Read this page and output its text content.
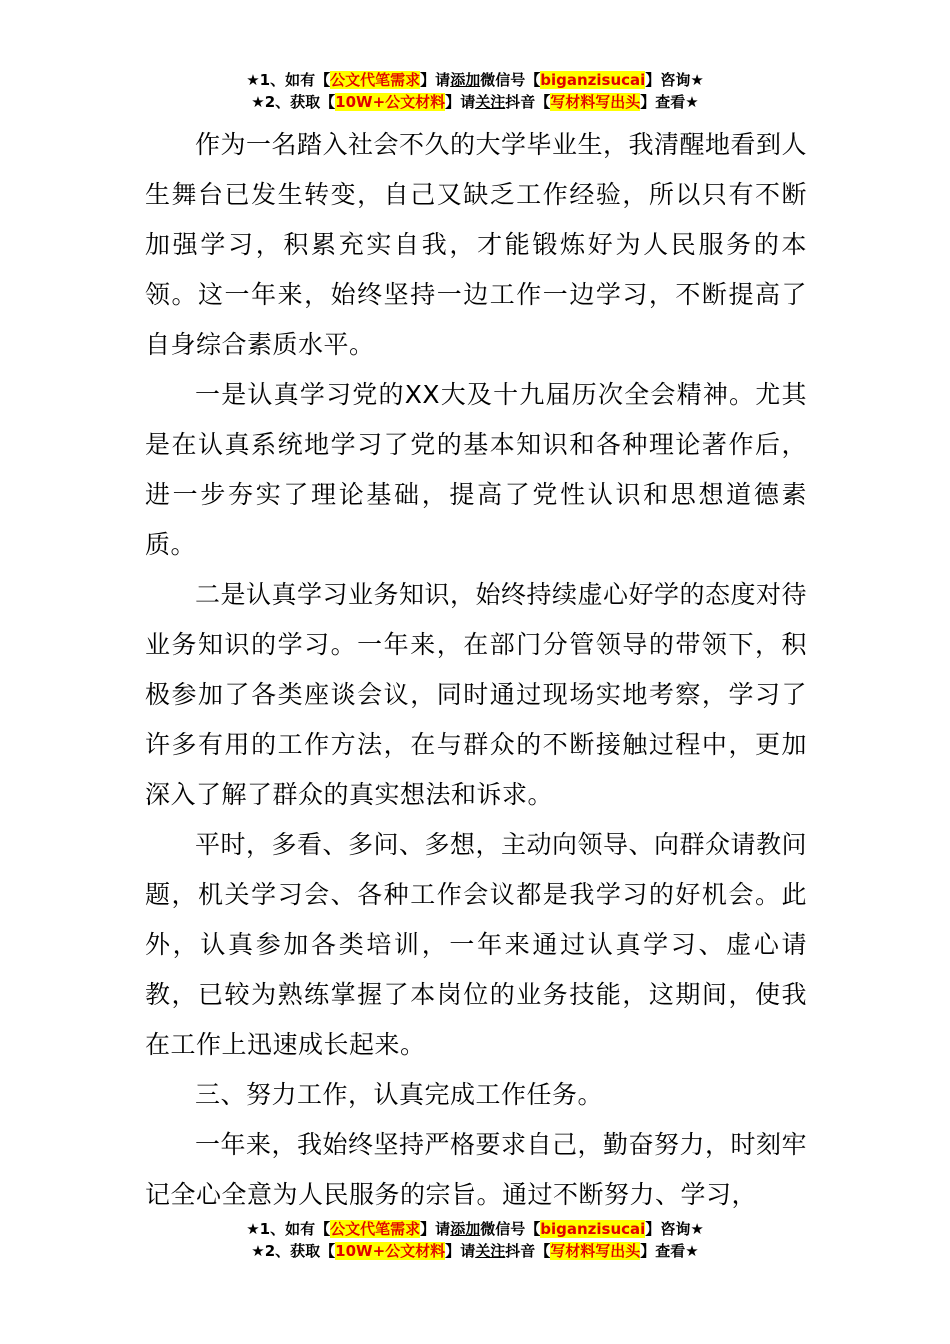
★1、如有【公文代笔需求】请添加微信号【biganzisucai】咨询★
★2、获取【10W+公文材料】请关注抖音【写材料写出头】查看★

作为一名踏入社会不久的大学毕业生，我清醒地看到人生舞台已发生转变，自己又缺乏工作经验，所以只有不断加强学习，积累充实自我，才能锻炼好为人民服务的本领。这一年来，始终坚持一边工作一边学习，不断提高了自身综合素质水平。

一是认真学习党的XX大及十九届历次全会精神。尤其是在认真系统地学习了党的基本知识和各种理论著作后，进一步夯实了理论基础，提高了党性认识和思想道德素质。

二是认真学习业务知识，始终持续虚心好学的态度对待业务知识的学习。一年来，在部门分管领导的带领下，积极参加了各类座谈会议，同时通过现场实地考察，学习了许多有用的工作方法，在与群众的不断接触过程中，更加深入了解了群众的真实想法和诉求。

平时，多看、多问、多想，主动向领导、向群众请教问题，机关学习会、各种工作会议都是我学习的好机会。此外，认真参加各类培训，一年来通过认真学习、虚心请教，已较为熟练掌握了本岗位的业务技能，这期间，使我在工作上迅速成长起来。

三、努力工作，认真完成工作任务。

一年来，我始终坚持严格要求自己，勤奋努力，时刻牢记全心全意为人民服务的宗旨。通过不断努力、学习，

★1、如有【公文代笔需求】请添加微信号【biganzisucai】咨询★
★2、获取【10W+公文材料】请关注抖音【写材料写出头】查看★
